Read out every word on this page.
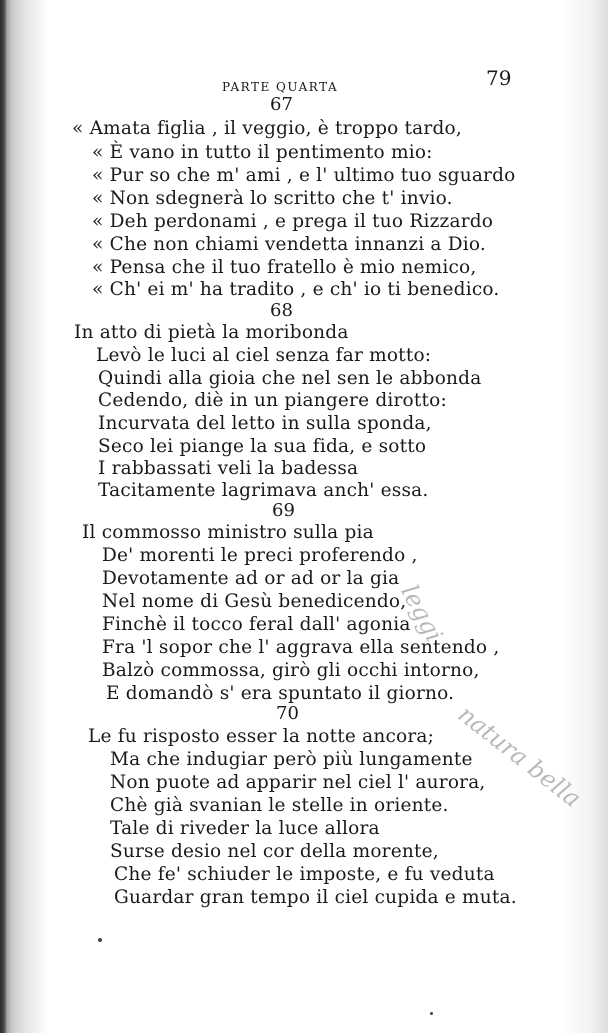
PARTE QUARTA	79
67
« Amata figlia , il veggio, è troppo tardo,
« È vano in tutto il pentimento mio:
« Pur so che m' ami , e l' ultimo tuo sguardo
« Non sdegnerà lo scritto che t' invio.
« Deh perdonami , e prega il tuo Rizzardo
« Che non chiami vendetta innanzi a Dio.
« Pensa che il tuo fratello è mio nemico,
« Ch' ei m' ha tradito , e ch' io ti benedico.
68
In atto di pietà la moribonda
Levò le luci al ciel senza far motto:
Quindi alla gioia che nel sen le abbonda
Cedendo, diè in un piangere dirotto:
Incurvata del letto in sulla sponda,
Seco lei piange la sua fida, e sotto
I rabbassati veli la badessa
Tacitamente lagrimava anch' essa.
69
Il commosso ministro sulla pia
De' morenti le preci proferendo ,
Devotamente ad or ad or la gia
Nel nome di Gesù benedicendo,
Finchè il tocco feral dall' agonia
Fra 'l sopor che l' aggrava ella sentendo ,
Balzò commossa, girò gli occhi intorno,
E domandò s' era spuntato il giorno.
70
Le fu risposto esser la notte ancora;
Ma che indugiar però più lungamente
Non puote ad apparir nel ciel l' aurora,
Chè già svanian le stelle in oriente.
Tale di riveder la luce allora
Surse desio nel cor della morente,
Che fe' schiuder le imposte, e fu veduta
Guardar gran tempo il ciel cupida e muta.
leggi
natura bella
